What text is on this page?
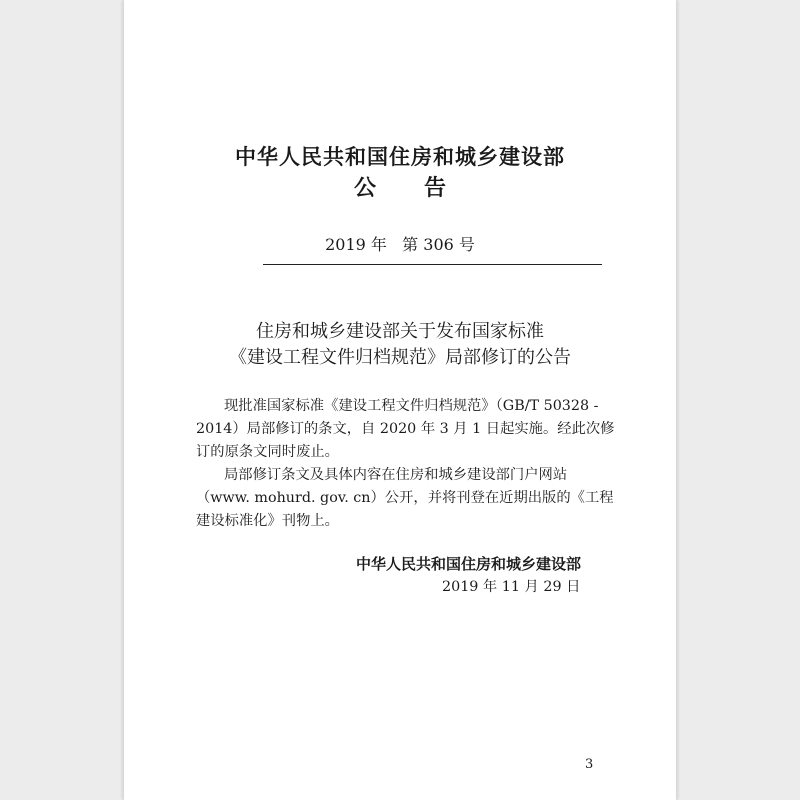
中华人民共和国住房和城乡建设部
公告
2019 年   第 306 号
住房和城乡建设部关于发布国家标准
《建设工程文件归档规范》局部修订的公告
现批准国家标准《建设工程文件归档规范》（GB/T 50328 -
2014）局部修订的条文，自 2020 年 3 月 1 日起实施。经此次修
订的原条文同时废止。
局部修订条文及具体内容在住房和城乡建设部门户网站
（www. mohurd. gov. cn）公开，并将刊登在近期出版的《工程
建设标准化》刊物上。
中华人民共和国住房和城乡建设部
2019 年 11 月 29 日
3
